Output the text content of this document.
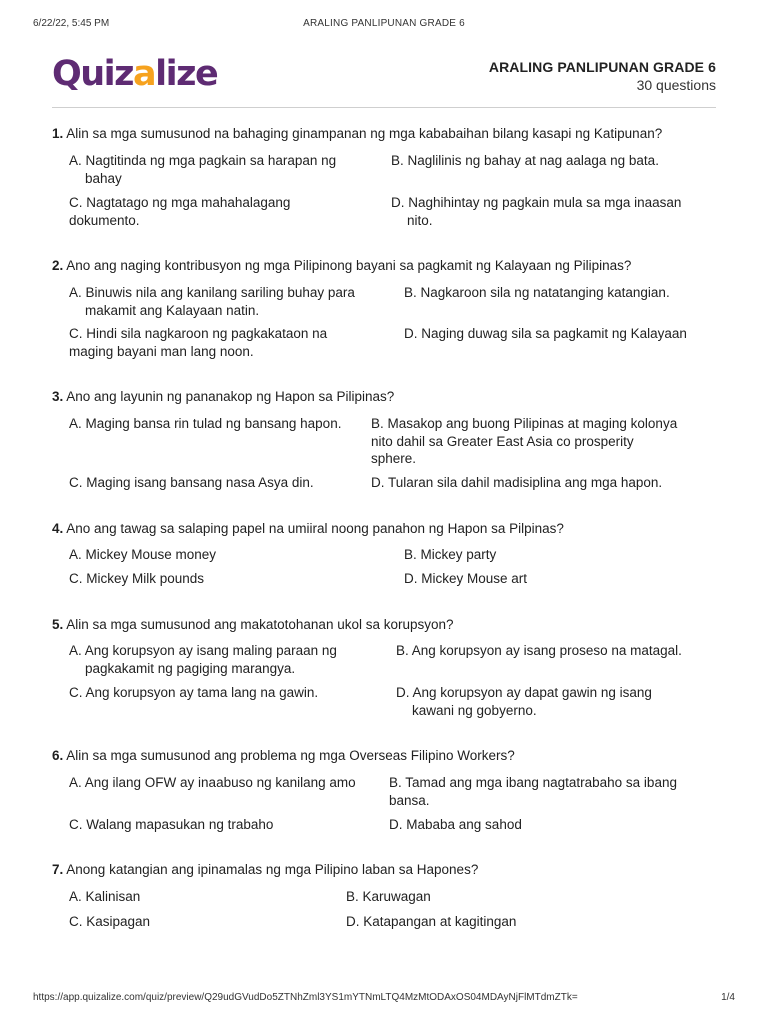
6/22/22, 5:45 PM	ARALING PANLIPUNAN GRADE 6
Quizalize	ARALING PANLIPUNAN GRADE 6
30 questions

1. Alin sa mga sumusunod na bahaging ginampanan ng mga kababaihan bilang kasapi ng Katipunan?

A. Nagtitinda ng mga pagkain sa harapan ng
bahay
B. Naglilinis ng bahay at nag aalaga ng bata.
C. Nagtatago ng mga mahahalagang
dokumento.
D. Naghihintay ng pagkain mula sa mga inaasan
nito.

2. Ano ang naging kontribusyon ng mga Pilipinong bayani sa pagkamit ng Kalayaan ng Pilipinas?

A. Binuwis nila ang kanilang sariling buhay para
makamit ang Kalayaan natin.
B. Nagkaroon sila ng natatanging katangian.
C. Hindi sila nagkaroon ng pagkakataon na
maging bayani man lang noon.
D. Naging duwag sila sa pagkamit ng Kalayaan

3. Ano ang layunin ng pananakop ng Hapon sa Pilipinas?

A. Maging bansa rin tulad ng bansang hapon.	B. Masakop ang buong Pilipinas at maging kolonya
nito dahil sa Greater East Asia co prosperity
sphere.
C. Maging isang bansang nasa Asya din.	D. Tularan sila dahil madisiplina ang mga hapon.

4. Ano ang tawag sa salaping papel na umiiral noong panahon ng Hapon sa Pilpinas?

A. Mickey Mouse money	B. Mickey party
C. Mickey Milk pounds	D. Mickey Mouse art

5. Alin sa mga sumusunod ang makatotohanan ukol sa korupsyon?

A. Ang korupsyon ay isang maling paraan ng
pagkakamit ng pagiging marangya.
B. Ang korupsyon ay isang proseso na matagal.
C. Ang korupsyon ay tama lang na gawin.	D. Ang korupsyon ay dapat gawin ng isang
kawani ng gobyerno.

6. Alin sa mga sumusunod ang problema ng mga Overseas Filipino Workers?

A. Ang ilang OFW ay inaabuso ng kanilang amo	B. Tamad ang mga ibang nagtatrabaho sa ibang
bansa.
C. Walang mapasukan ng trabaho	D. Mababa ang sahod

7. Anong katangian ang ipinamalas ng mga Pilipino laban sa Hapones?

A. Kalinisan	B. Karuwagan
C. Kasipagan	D. Katapangan at kagitingan
https://app.quizalize.com/quiz/preview/Q29udGVudDo5ZTNhZml3YS1mYTNmLTQ4MzMtODAxOS04MDAyNjFlMTdmZTk=	1/4
